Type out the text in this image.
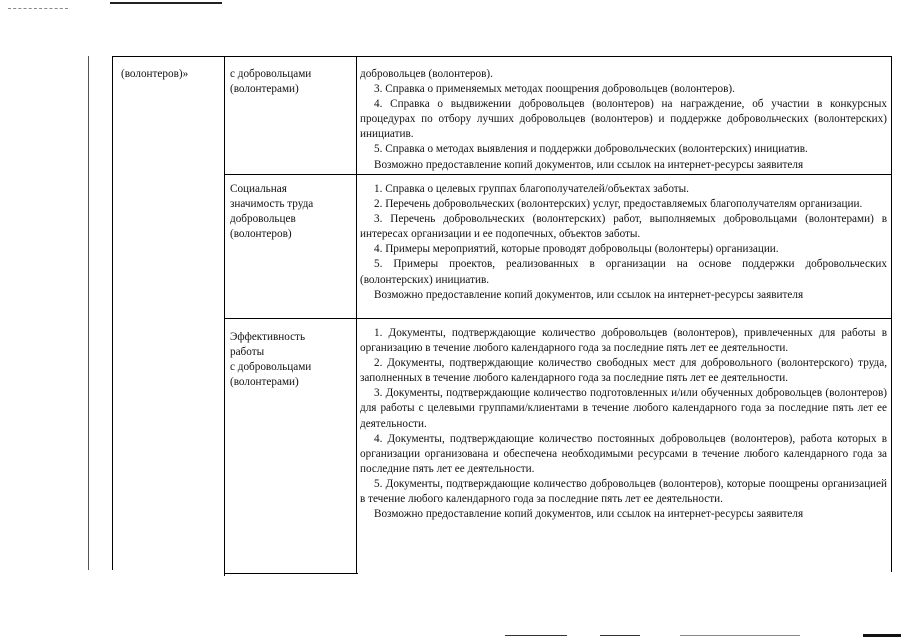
(волонтеров)»	с добровольцами
(волонтерами)

добровольцев (волонтеров).

3. Справка о применяемых методах поощрения добровольцев (волонтеров).

4. Справка о выдвижении добровольцев (волонтеров) на награждение, об участии в конкурсных процедурах по отбору лучших добровольцев (волонтеров) и поддержке добровольческих (волонтерских) инициатив.

5. Справка о методах выявления и поддержки добровольческих (волонтерских) инициатив.

Возможно предоставление копий документов, или ссылок на интернет-ресурсы заявителя

Социальная
значимость труда
добровольцев
(волонтеров)

1. Справка о целевых группах благополучателей/объектах заботы.

2. Перечень добровольческих (волонтерских) услуг, предоставляемых благополучателям организации.

3. Перечень добровольческих (волонтерских) работ, выполняемых добровольцами (волонтерами) в интересах организации и ее подопечных, объектов заботы.

4. Примеры мероприятий, которые проводят добровольцы (волонтеры) организации.

5. Примеры проектов, реализованных в организации на основе поддержки добровольческих (волонтерских) инициатив.

Возможно предоставление копий документов, или ссылок на интернет-ресурсы заявителя

Эффективность
работы
с добровольцами
(волонтерами)

1. Документы, подтверждающие количество добровольцев (волонтеров), привлеченных для работы в организацию в течение любого календарного года за последние пять лет ее деятельности.

2. Документы, подтверждающие количество свободных мест для добровольного (волонтерского) труда, заполненных в течение любого календарного года за последние пять лет ее деятельности.

3. Документы, подтверждающие количество подготовленных и/или обученных добровольцев (волонтеров) для работы с целевыми группами/клиентами в течение любого календарного года за последние пять лет ее деятельности.

4. Документы, подтверждающие количество постоянных добровольцев (волонтеров), работа которых в организации организована и обеспечена необходимыми ресурсами в течение любого календарного года за последние пять лет ее деятельности.

5. Документы, подтверждающие количество добровольцев (волонтеров), которые поощрены организацией в течение любого календарного года за последние пять лет ее деятельности.

Возможно предоставление копий документов, или ссылок на интернет-ресурсы заявителя
